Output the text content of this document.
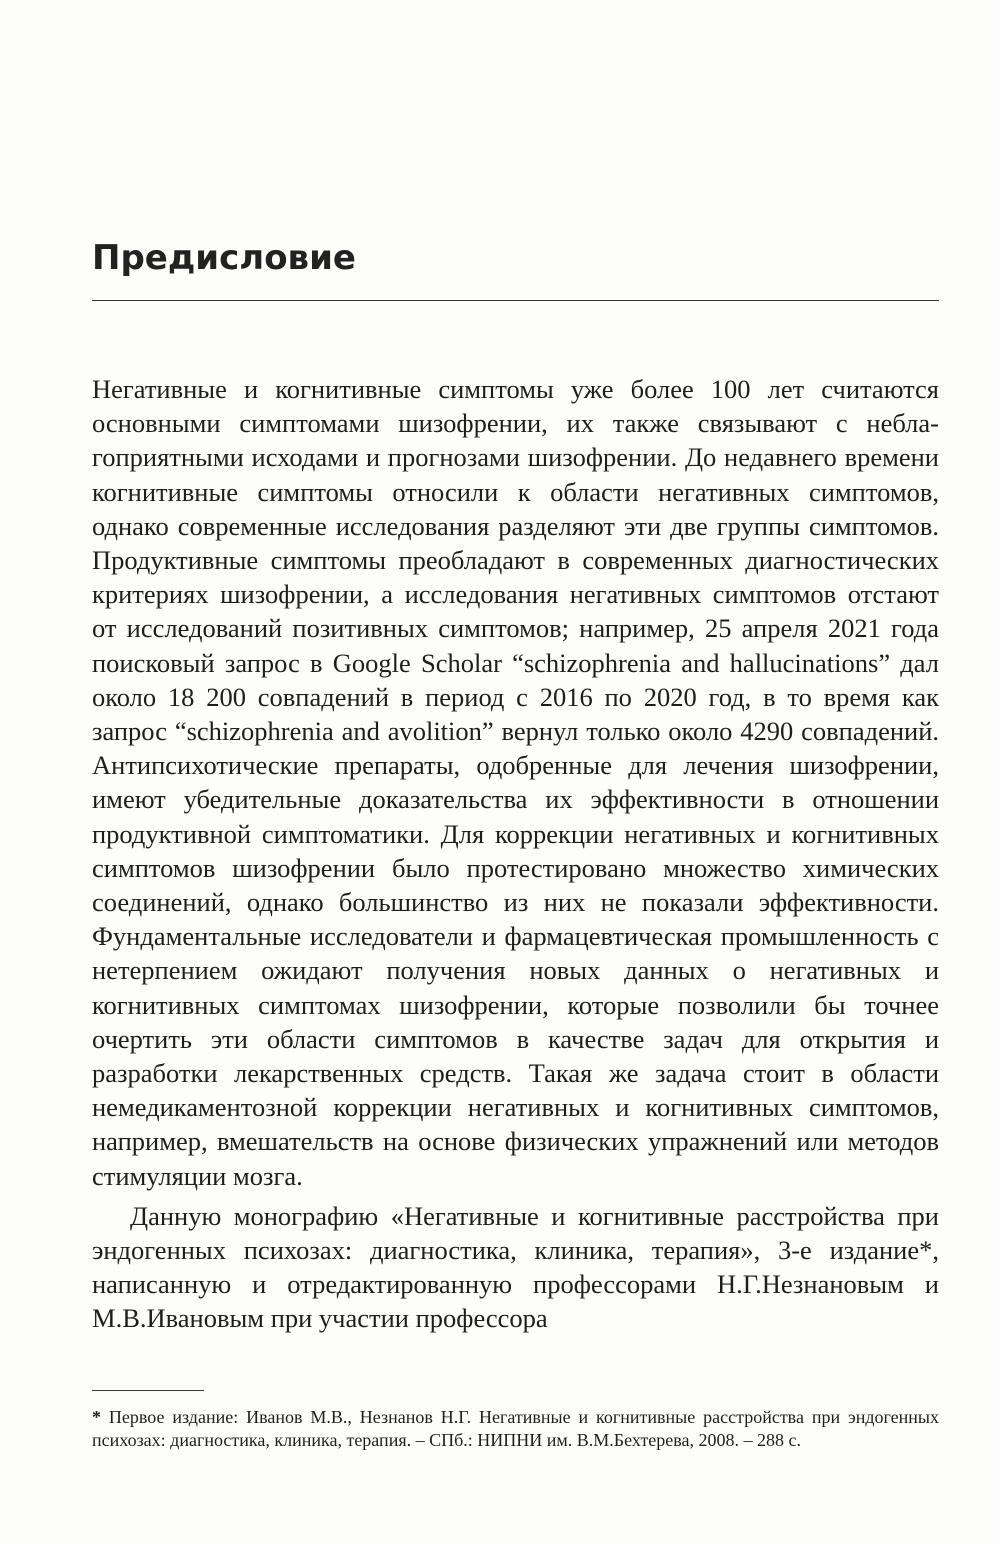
Предисловие

Негативные и когнитивные симптомы уже более 100 лет считаются основными симптомами шизофрении, их также связывают с неблагоприятными исходами и прогнозами шизофрении. До недавнего времени когнитивные симптомы относили к области негативных симптомов, однако современные исследования разделяют эти две группы симптомов. Продуктивные симптомы преобладают в современных диагностических критериях шизофрении, а исследования негативных симптомов отстают от исследований позитивных симптомов; например, 25 апреля 2021 года поисковый запрос в Google Scholar “schizophrenia and hallucinations” дал около 18 200 совпадений в период с 2016 по 2020 год, в то время как запрос “schizophrenia and avolition” вернул только около 4290 совпадений. Антипсихотические препараты, одобренные для лечения шизофрении, имеют убедительные доказательства их эффективности в отношении продуктивной симптоматики. Для коррекции негативных и когнитивных симптомов шизофрении было протестировано множество химических соединений, однако большинство из них не показали эффективности. Фундаментальные исследователи и фармацевтическая промышленность с нетерпением ожидают получения новых данных о негативных и когнитивных симптомах шизофрении, которые позволили бы точнее очертить эти области симптомов в качестве задач для открытия и разработки лекарственных средств. Такая же задача стоит в области немедикаментозной коррекции негативных и когнитивных симптомов, например, вмешательств на основе физических упражнений или методов стимуляции мозга.

Данную монографию «Негативные и когнитивные расстройства при эндогенных психозах: диагностика, клиника, терапия», 3-е издание*, написанную и отредактированную профессорами Н.Г.Незнановым и М.В.Ивановым при участии профессора

* Первое издание: Иванов М.В., Незнанов Н.Г. Негативные и когнитивные расстройства при эндогенных психозах: диагностика, клиника, терапия. – СПб.: НИПНИ им. В.М.Бехтерева, 2008. – 288 с.
